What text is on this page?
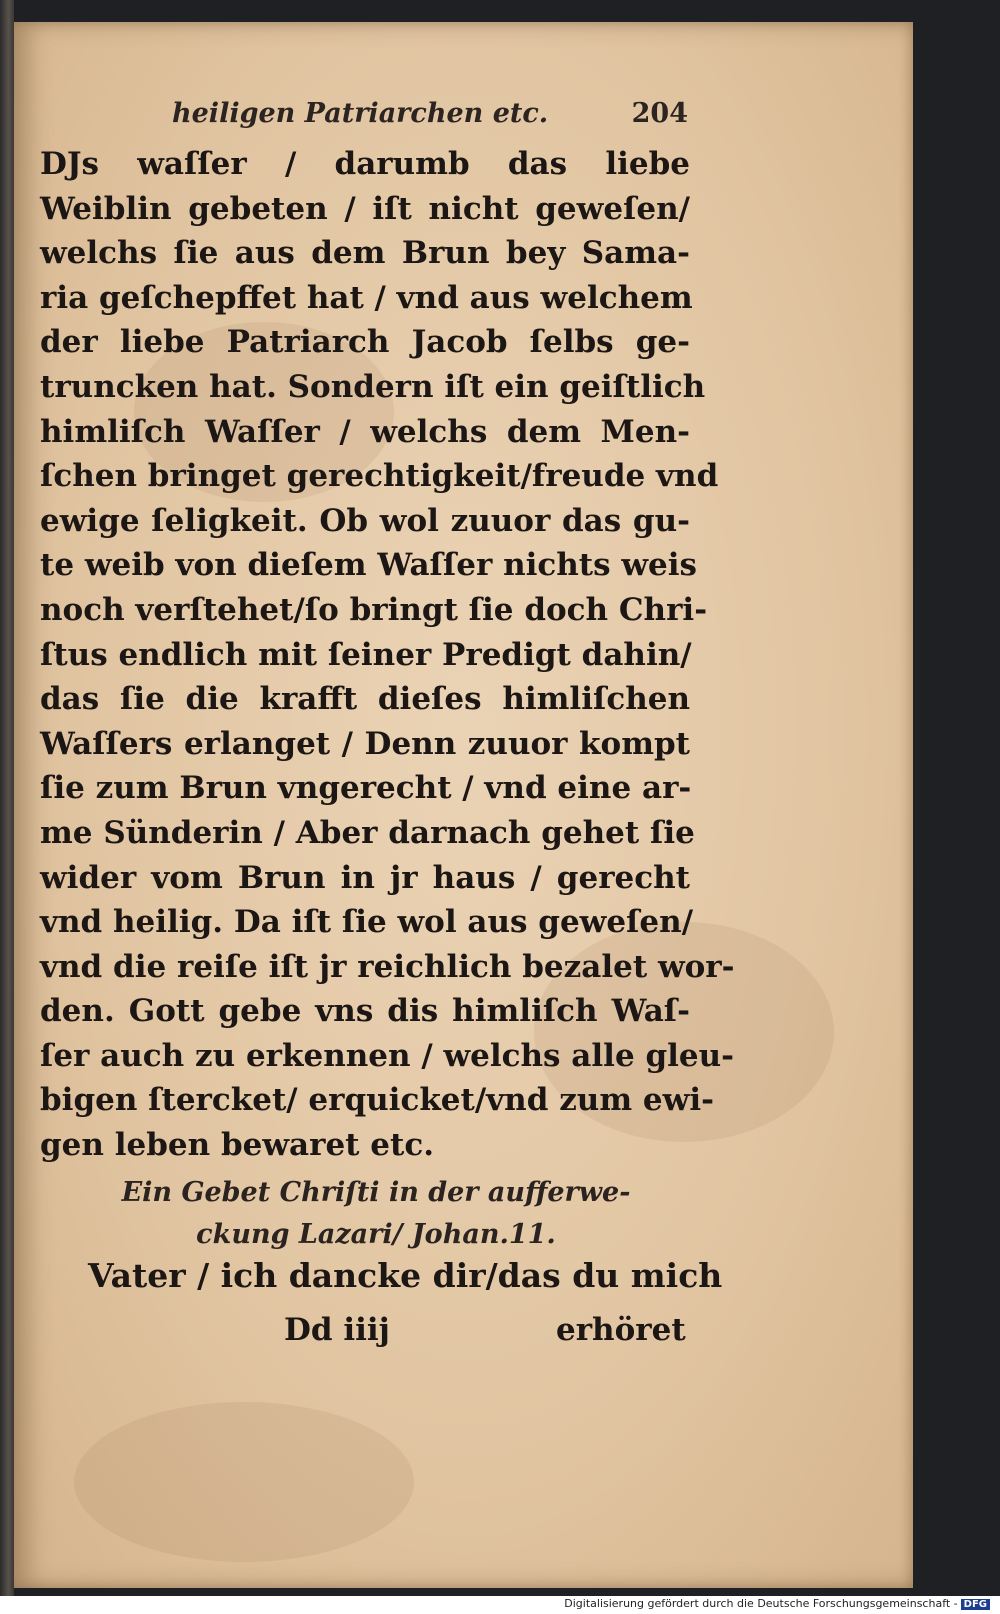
heiligen Patriarchen etc.	204
DJs waſſer / darumb das liebe
Weiblin gebeten / iſt nicht geweſen/
welchs ſie aus dem Brun bey Sama-
ria geſchepffet hat / vnd aus welchem
der liebe Patriarch Jacob ſelbs ge-
truncken hat. Sondern iſt ein geiſtlich
himliſch Waſſer / welchs dem Men-
ſchen bringet gerechtigkeit/freude vnd
ewige ſeligkeit. Ob wol zuuor das gu-
te weib von dieſem Waſſer nichts weis
noch verſtehet/ſo bringt ſie doch Chri-
ſtus endlich mit ſeiner Predigt dahin/
das ſie die krafft dieſes himliſchen
Waſſers erlanget / Denn zuuor kompt
ſie zum Brun vngerecht / vnd eine ar-
me Sünderin / Aber darnach gehet ſie
wider vom Brun in jr haus / gerecht
vnd heilig. Da iſt ſie wol aus geweſen/
vnd die reiſe iſt jr reichlich bezalet wor-
den. Gott gebe vns dis himliſch Waſ-
ſer auch zu erkennen / welchs alle gleu-
bigen ſtercket/ erquicket/vnd zum ewi-
gen leben bewaret etc.
Ein Gebet Chriſti in der aufferwe-
ckung Lazari/ Johan.11.
Vater / ich dancke dir/das du mich
Dd iiij	erhöret
Digitalisierung gefördert durch die Deutsche Forschungsgemeinschaft - DFG
